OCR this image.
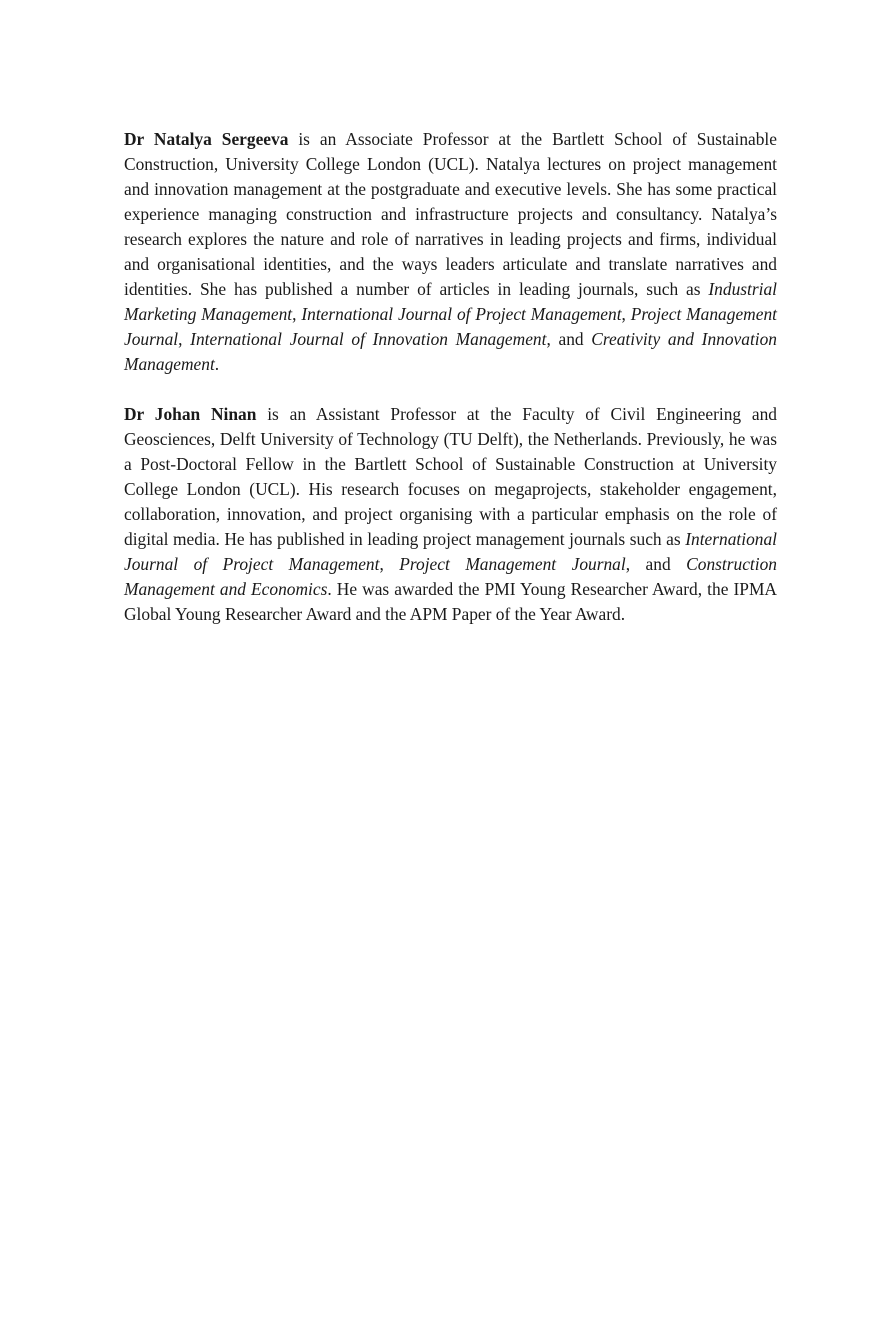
Dr Natalya Sergeeva is an Associate Professor at the Bartlett School of Sustainable Construction, University College London (UCL). Natalya lectures on project management and innovation management at the postgraduate and executive levels. She has some practical experience managing construction and infrastructure projects and consultancy. Natalya’s research explores the nature and role of narratives in leading projects and firms, individual and organisational identities, and the ways leaders articulate and translate narratives and identities. She has published a number of articles in leading journals, such as Industrial Marketing Management, International Journal of Project Management, Project Management Journal, International Journal of Innovation Management, and Creativity and Innovation Management.

Dr Johan Ninan is an Assistant Professor at the Faculty of Civil Engineering and Geosciences, Delft University of Technology (TU Delft), the Netherlands. Previously, he was a Post-Doctoral Fellow in the Bartlett School of Sustainable Construction at University College London (UCL). His research focuses on megaprojects, stakeholder engagement, collaboration, innovation, and project organising with a particular emphasis on the role of digital media. He has published in leading project management journals such as International Journal of Project Management, Project Management Journal, and Construction Management and Economics. He was awarded the PMI Young Researcher Award, the IPMA Global Young Researcher Award and the APM Paper of the Year Award.
